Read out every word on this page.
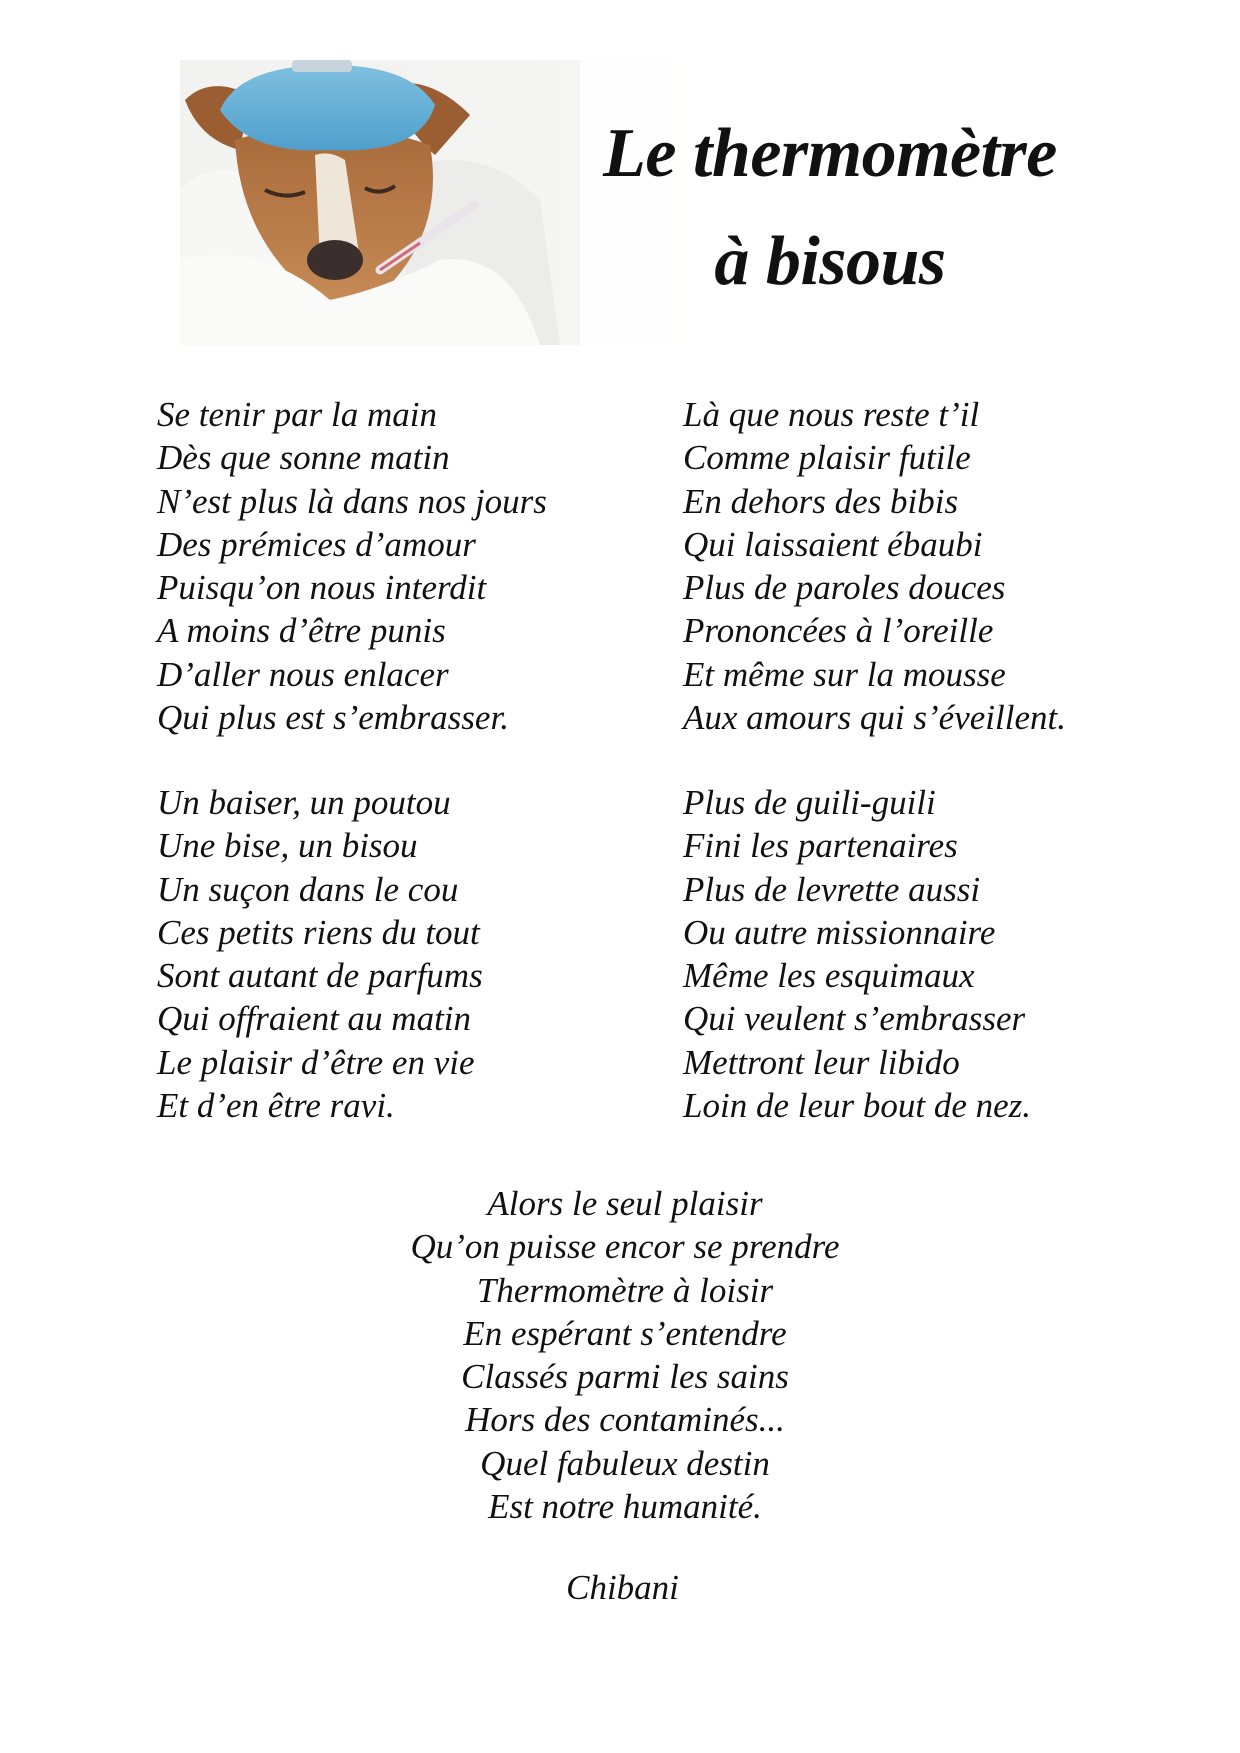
Le thermomètre
à bisous
Se tenir par la main
Dès que sonne matin
N’est plus là dans nos jours
Des prémices d’amour
Puisqu’on nous interdit
A moins d’être punis
D’aller nous enlacer
Qui plus est s’embrasser.
Là que nous reste t’il
Comme plaisir futile
En dehors des bibis
Qui laissaient ébaubi
Plus de paroles douces
Prononcées à l’oreille
Et même sur la mousse
Aux amours qui s’éveillent.
Un baiser, un poutou
Une bise, un bisou
Un suçon dans le cou
Ces petits riens du tout
Sont autant de parfums
Qui offraient au matin
Le plaisir d’être en vie
Et d’en être ravi.
Plus de guili-guili
Fini les partenaires
Plus de levrette aussi
Ou autre missionnaire
Même les esquimaux
Qui veulent s’embrasser
Mettront leur libido
Loin de leur bout de nez.
Alors le seul plaisir
Qu’on puisse encor se prendre
Thermomètre à loisir
En espérant s’entendre
Classés parmi les sains
Hors des contaminés...
Quel fabuleux destin
Est notre humanité.
Chibani
